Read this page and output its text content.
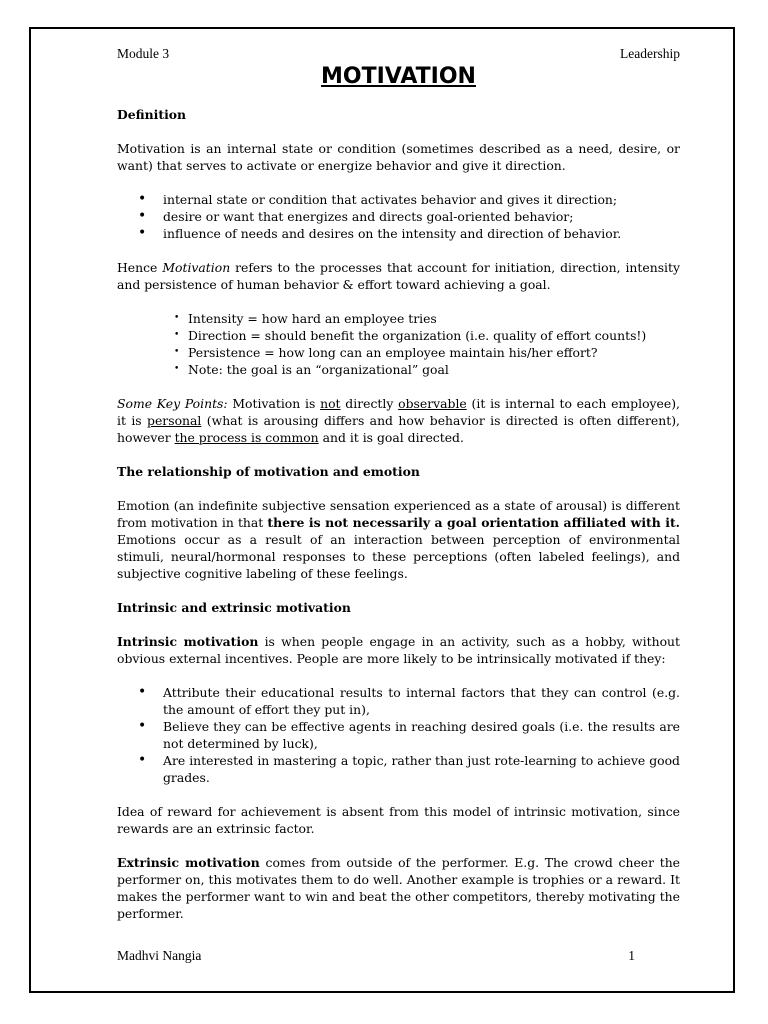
Module 3	Leadership
MOTIVATION
Definition

Motivation is an internal state or condition (sometimes described as a need, desire, or want) that serves to activate or energize behavior and give it direction.

• internal state or condition that activates behavior and gives it direction;
• desire or want that energizes and directs goal-oriented behavior;
• influence of needs and desires on the intensity and direction of behavior.

Hence Motivation refers to the processes that account for initiation, direction, intensity and persistence of human behavior & effort toward achieving a goal.

• Intensity = how hard an employee tries
• Direction = should benefit the organization (i.e. quality of effort counts!)
• Persistence = how long can an employee maintain his/her effort?
• Note: the goal is an “organizational” goal

Some Key Points: Motivation is not directly observable (it is internal to each employee), it is personal (what is arousing differs and how behavior is directed is often different), however the process is common and it is goal directed.

The relationship of motivation and emotion

Emotion (an indefinite subjective sensation experienced as a state of arousal) is different from motivation in that there is not necessarily a goal orientation affiliated with it. Emotions occur as a result of an interaction between perception of environmental stimuli, neural/hormonal responses to these perceptions (often labeled feelings), and subjective cognitive labeling of these feelings.

Intrinsic and extrinsic motivation

Intrinsic motivation is when people engage in an activity, such as a hobby, without obvious external incentives. People are more likely to be intrinsically motivated if they:

• Attribute their educational results to internal factors that they can control (e.g. the amount of effort they put in),
• Believe they can be effective agents in reaching desired goals (i.e. the results are not determined by luck),
• Are interested in mastering a topic, rather than just rote-learning to achieve good grades.

Idea of reward for achievement is absent from this model of intrinsic motivation, since rewards are an extrinsic factor.

Extrinsic motivation comes from outside of the performer. E.g. The crowd cheer the performer on, this motivates them to do well. Another example is trophies or a reward. It makes the performer want to win and beat the other competitors, thereby motivating the performer.

Madhvi Nangia	1
